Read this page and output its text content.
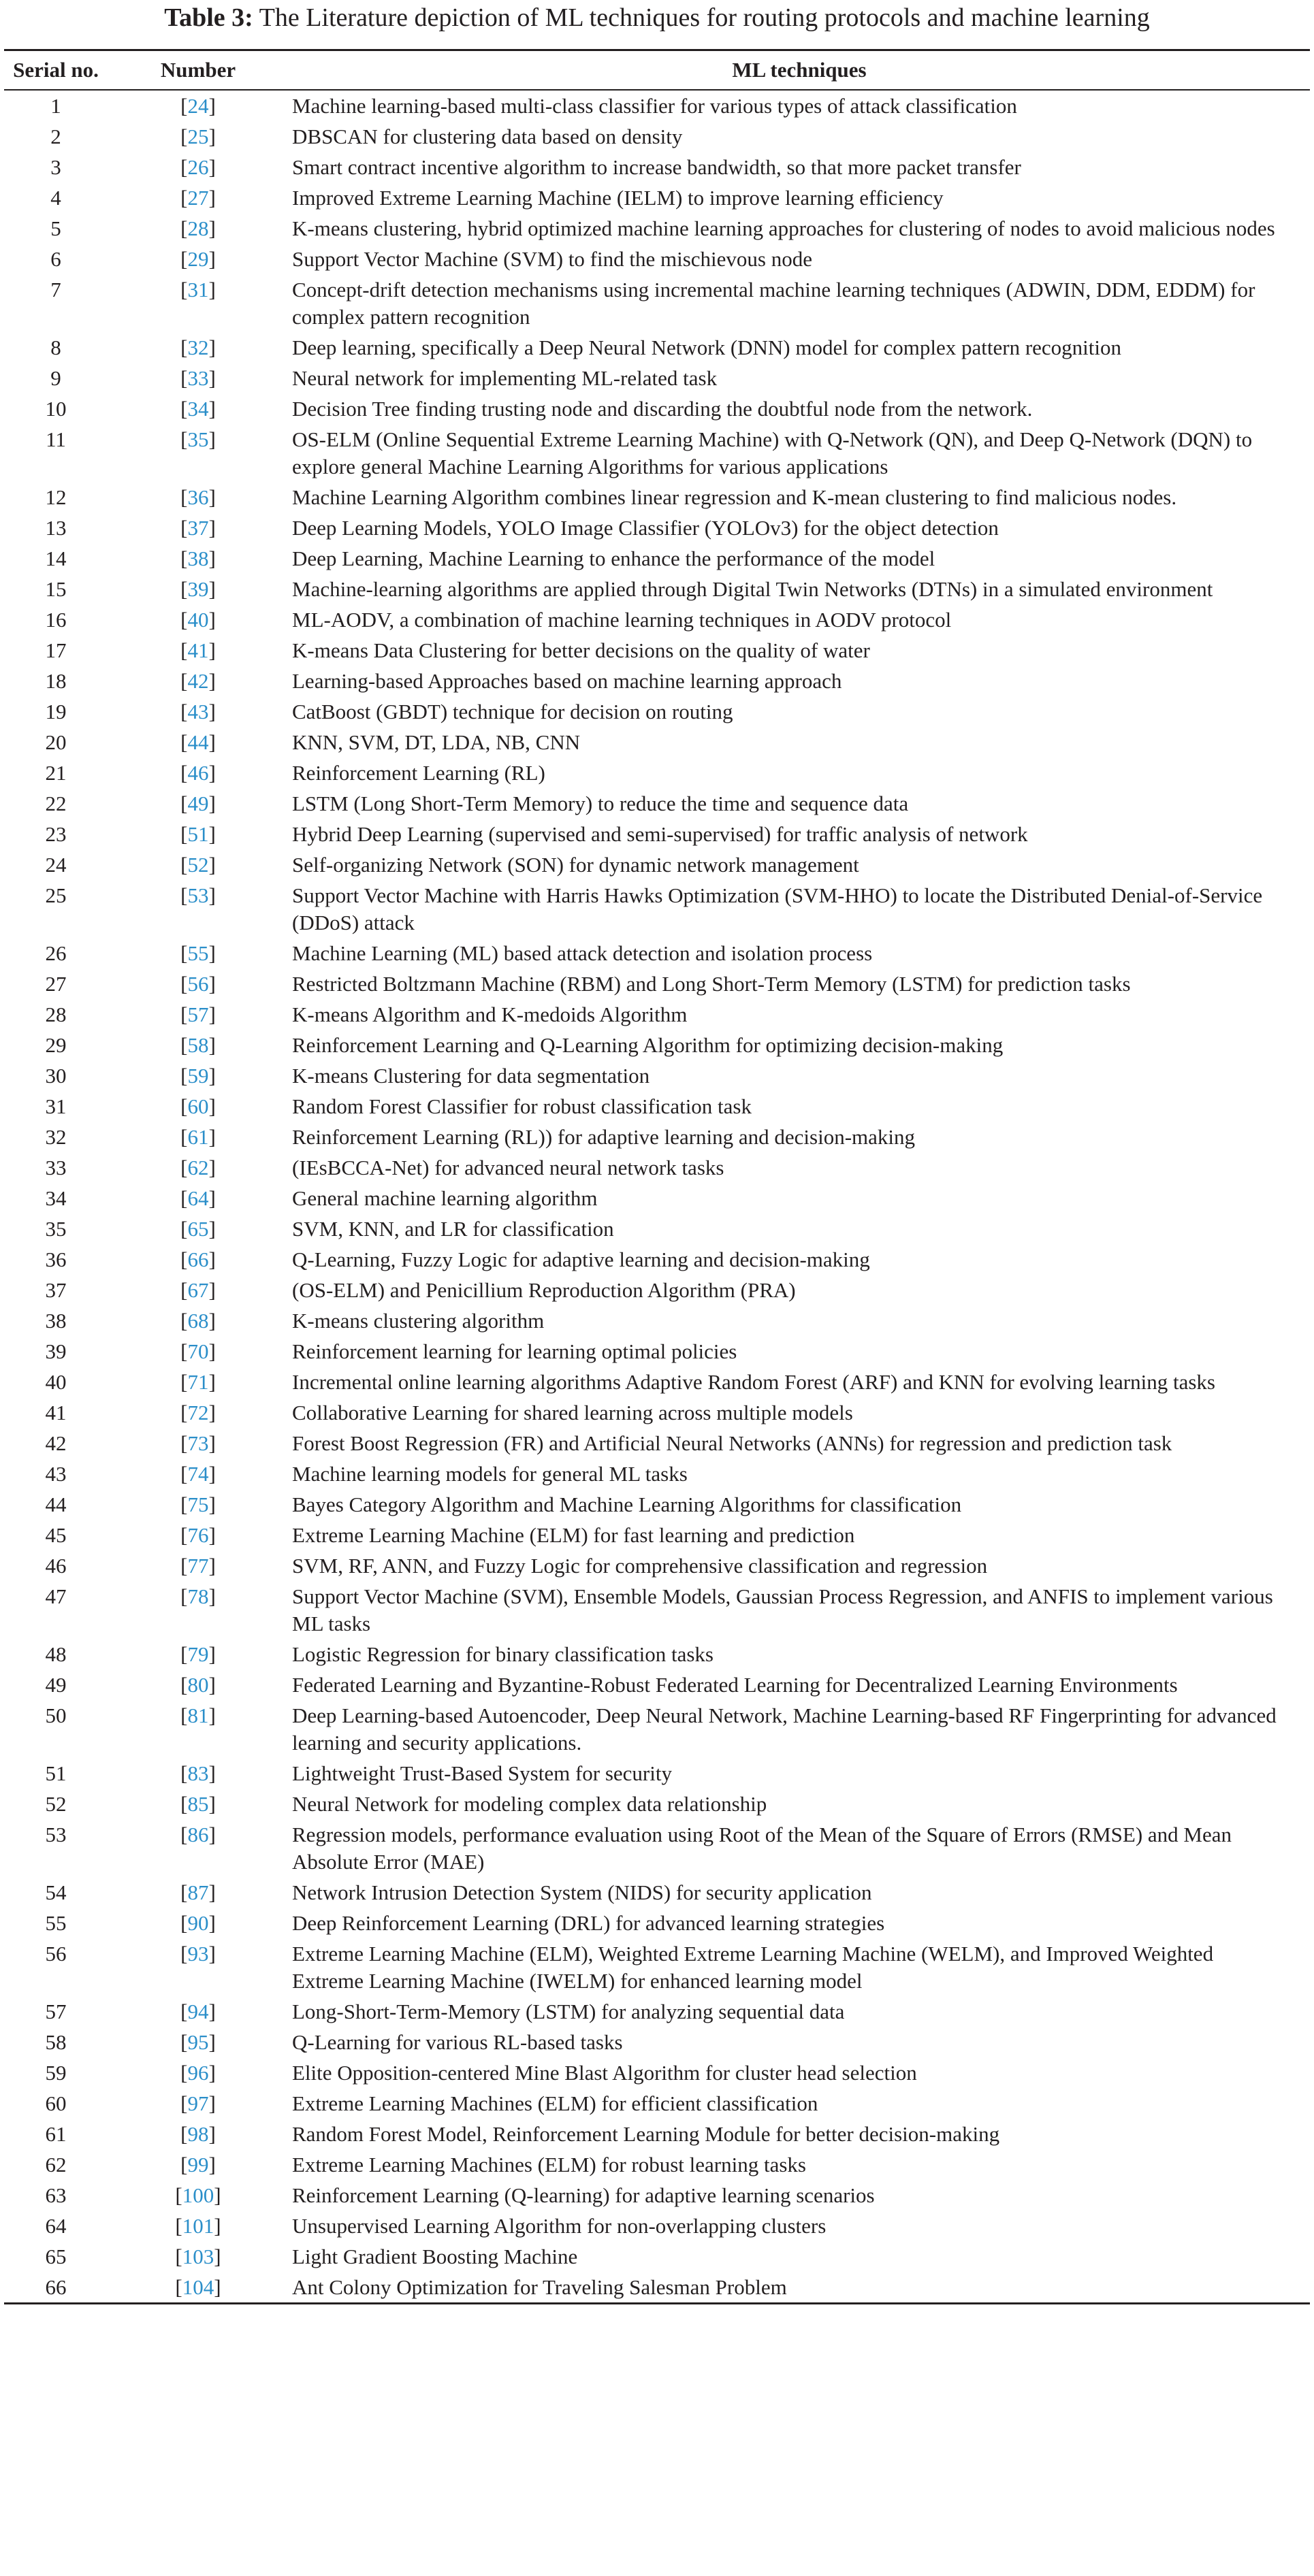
Table 3: The Literature depiction of ML techniques for routing protocols and machine learning
Serial no.	Number	ML techniques
1	[24]	Machine learning-based multi-class classifier for various types of attack classification
2	[25]	DBSCAN for clustering data based on density
3	[26]	Smart contract incentive algorithm to increase bandwidth, so that more packet transfer
4	[27]	Improved Extreme Learning Machine (IELM) to improve learning efficiency
5	[28]	K-means clustering, hybrid optimized machine learning approaches for clustering of nodes to avoid malicious nodes
6	[29]	Support Vector Machine (SVM) to find the mischievous node
7	[31]	Concept-drift detection mechanisms using incremental machine learning techniques (ADWIN, DDM, EDDM) for complex pattern recognition
8	[32]	Deep learning, specifically a Deep Neural Network (DNN) model for complex pattern recognition
9	[33]	Neural network for implementing ML-related task
10	[34]	Decision Tree finding trusting node and discarding the doubtful node from the network.
11	[35]	OS-ELM (Online Sequential Extreme Learning Machine) with Q-Network (QN), and Deep Q-Network (DQN) to explore general Machine Learning Algorithms for various applications
12	[36]	Machine Learning Algorithm combines linear regression and K-mean clustering to find malicious nodes.
13	[37]	Deep Learning Models, YOLO Image Classifier (YOLOv3) for the object detection
14	[38]	Deep Learning, Machine Learning to enhance the performance of the model
15	[39]	Machine-learning algorithms are applied through Digital Twin Networks (DTNs) in a simulated environment
16	[40]	ML-AODV, a combination of machine learning techniques in AODV protocol
17	[41]	K-means Data Clustering for better decisions on the quality of water
18	[42]	Learning-based Approaches based on machine learning approach
19	[43]	CatBoost (GBDT) technique for decision on routing
20	[44]	KNN, SVM, DT, LDA, NB, CNN
21	[46]	Reinforcement Learning (RL)
22	[49]	LSTM (Long Short-Term Memory) to reduce the time and sequence data
23	[51]	Hybrid Deep Learning (supervised and semi-supervised) for traffic analysis of network
24	[52]	Self-organizing Network (SON) for dynamic network management
25	[53]	Support Vector Machine with Harris Hawks Optimization (SVM-HHO) to locate the Distributed Denial-of-Service (DDoS) attack
26	[55]	Machine Learning (ML) based attack detection and isolation process
27	[56]	Restricted Boltzmann Machine (RBM) and Long Short-Term Memory (LSTM) for prediction tasks
28	[57]	K-means Algorithm and K-medoids Algorithm
29	[58]	Reinforcement Learning and Q-Learning Algorithm for optimizing decision-making
30	[59]	K-means Clustering for data segmentation
31	[60]	Random Forest Classifier for robust classification task
32	[61]	Reinforcement Learning (RL)) for adaptive learning and decision-making
33	[62]	(IEsBCCA-Net) for advanced neural network tasks
34	[64]	General machine learning algorithm
35	[65]	SVM, KNN, and LR for classification
36	[66]	Q-Learning, Fuzzy Logic for adaptive learning and decision-making
37	[67]	(OS-ELM) and Penicillium Reproduction Algorithm (PRA)
38	[68]	K-means clustering algorithm
39	[70]	Reinforcement learning for learning optimal policies
40	[71]	Incremental online learning algorithms Adaptive Random Forest (ARF) and KNN for evolving learning tasks
41	[72]	Collaborative Learning for shared learning across multiple models
42	[73]	Forest Boost Regression (FR) and Artificial Neural Networks (ANNs) for regression and prediction task
43	[74]	Machine learning models for general ML tasks
44	[75]	Bayes Category Algorithm and Machine Learning Algorithms for classification
45	[76]	Extreme Learning Machine (ELM) for fast learning and prediction
46	[77]	SVM, RF, ANN, and Fuzzy Logic for comprehensive classification and regression
47	[78]	Support Vector Machine (SVM), Ensemble Models, Gaussian Process Regression, and ANFIS to implement various ML tasks
48	[79]	Logistic Regression for binary classification tasks
49	[80]	Federated Learning and Byzantine-Robust Federated Learning for Decentralized Learning Environments
50	[81]	Deep Learning-based Autoencoder, Deep Neural Network, Machine Learning-based RF Fingerprinting for advanced learning and security applications.
51	[83]	Lightweight Trust-Based System for security
52	[85]	Neural Network for modeling complex data relationship
53	[86]	Regression models, performance evaluation using Root of the Mean of the Square of Errors (RMSE) and Mean Absolute Error (MAE)
54	[87]	Network Intrusion Detection System (NIDS) for security application
55	[90]	Deep Reinforcement Learning (DRL) for advanced learning strategies
56	[93]	Extreme Learning Machine (ELM), Weighted Extreme Learning Machine (WELM), and Improved Weighted Extreme Learning Machine (IWELM) for enhanced learning model
57	[94]	Long-Short-Term-Memory (LSTM) for analyzing sequential data
58	[95]	Q-Learning for various RL-based tasks
59	[96]	Elite Opposition-centered Mine Blast Algorithm for cluster head selection
60	[97]	Extreme Learning Machines (ELM) for efficient classification
61	[98]	Random Forest Model, Reinforcement Learning Module for better decision-making
62	[99]	Extreme Learning Machines (ELM) for robust learning tasks
63	[100]	Reinforcement Learning (Q-learning) for adaptive learning scenarios
64	[101]	Unsupervised Learning Algorithm for non-overlapping clusters
65	[103]	Light Gradient Boosting Machine
66	[104]	Ant Colony Optimization for Traveling Salesman Problem
